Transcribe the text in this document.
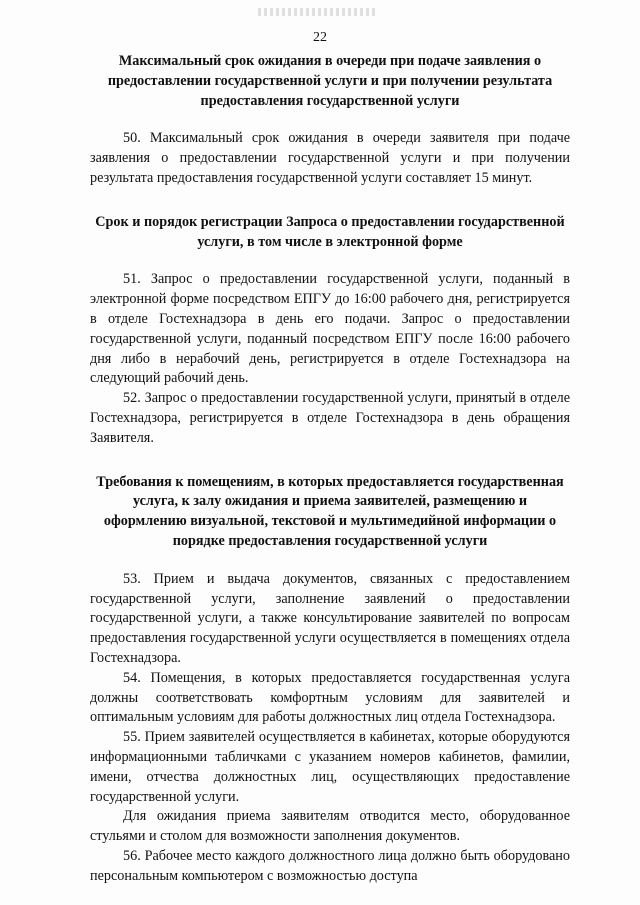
22
Максимальный срок ожидания в очереди при подаче заявления о предоставлении государственной услуги и при получении результата предоставления государственной услуги

50. Максимальный срок ожидания в очереди заявителя при подаче заявления о предоставлении государственной услуги и при получении результата предоставления государственной услуги составляет 15 минут.

Срок и порядок регистрации Запроса о предоставлении государственной услуги, в том числе в электронной форме

51. Запрос о предоставлении государственной услуги, поданный в электронной форме посредством ЕПГУ до 16:00 рабочего дня, регистрируется в отделе Гостехнадзора в день его подачи. Запрос о предоставлении государственной услуги, поданный посредством ЕПГУ после 16:00 рабочего дня либо в нерабочий день, регистрируется в отделе Гостехнадзора на следующий рабочий день.

52. Запрос о предоставлении государственной услуги, принятый в отделе Гостехнадзора, регистрируется в отделе Гостехнадзора в день обращения Заявителя.

Требования к помещениям, в которых предоставляется государственная услуга, к залу ожидания и приема заявителей, размещению и оформлению визуальной, текстовой и мультимедийной информации о порядке предоставления государственной услуги

53. Прием и выдача документов, связанных с предоставлением государственной услуги, заполнение заявлений о предоставлении государственной услуги, а также консультирование заявителей по вопросам предоставления государственной услуги осуществляется в помещениях отдела Гостехнадзора.

54. Помещения, в которых предоставляется государственная услуга должны соответствовать комфортным условиям для заявителей и оптимальным условиям для работы должностных лиц отдела Гостехнадзора.

55. Прием заявителей осуществляется в кабинетах, которые оборудуются информационными табличками с указанием номеров кабинетов, фамилии, имени, отчества должностных лиц, осуществляющих предоставление государственной услуги.

Для ожидания приема заявителям отводится место, оборудованное стульями и столом для возможности заполнения документов.

56. Рабочее место каждого должностного лица должно быть оборудовано персональным компьютером с возможностью доступа
